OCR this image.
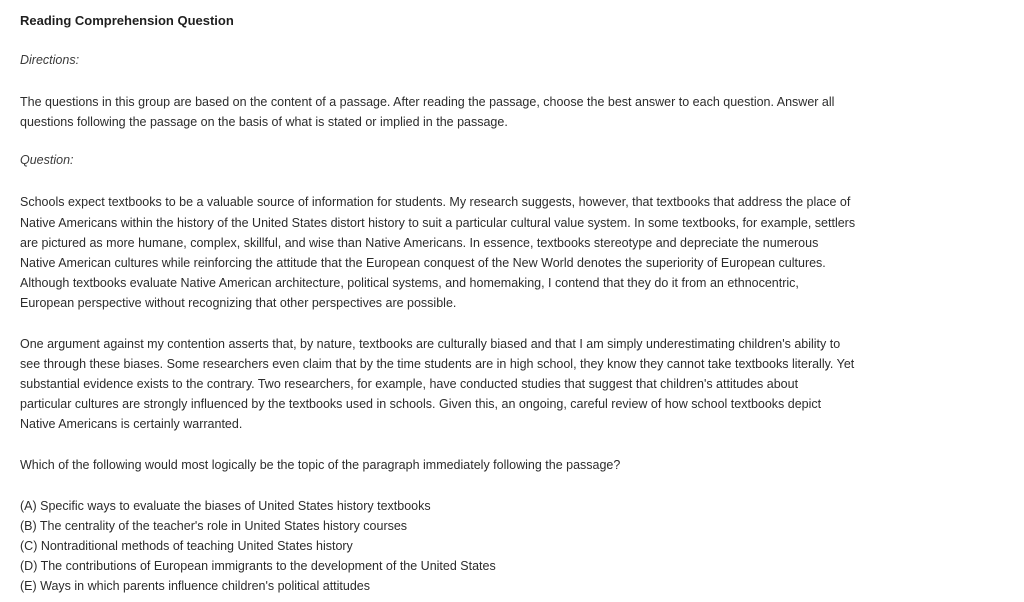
Reading Comprehension Question
Directions:
The questions in this group are based on the content of a passage. After reading the passage, choose the best answer to each question. Answer all
questions following the passage on the basis of what is stated or implied in the passage.
Question:
Schools expect textbooks to be a valuable source of information for students. My research suggests, however, that textbooks that address the place of
Native Americans within the history of the United States distort history to suit a particular cultural value system. In some textbooks, for example, settlers
are pictured as more humane, complex, skillful, and wise than Native Americans. In essence, textbooks stereotype and depreciate the numerous
Native American cultures while reinforcing the attitude that the European conquest of the New World denotes the superiority of European cultures.
Although textbooks evaluate Native American architecture, political systems, and homemaking, I contend that they do it from an ethnocentric,
European perspective without recognizing that other perspectives are possible.
One argument against my contention asserts that, by nature, textbooks are culturally biased and that I am simply underestimating children's ability to
see through these biases. Some researchers even claim that by the time students are in high school, they know they cannot take textbooks literally. Yet
substantial evidence exists to the contrary. Two researchers, for example, have conducted studies that suggest that children's attitudes about
particular cultures are strongly influenced by the textbooks used in schools. Given this, an ongoing, careful review of how school textbooks depict
Native Americans is certainly warranted.
Which of the following would most logically be the topic of the paragraph immediately following the passage?
(A) Specific ways to evaluate the biases of United States history textbooks
(B) The centrality of the teacher's role in United States history courses
(C) Nontraditional methods of teaching United States history
(D) The contributions of European immigrants to the development of the United States
(E) Ways in which parents influence children's political attitudes
